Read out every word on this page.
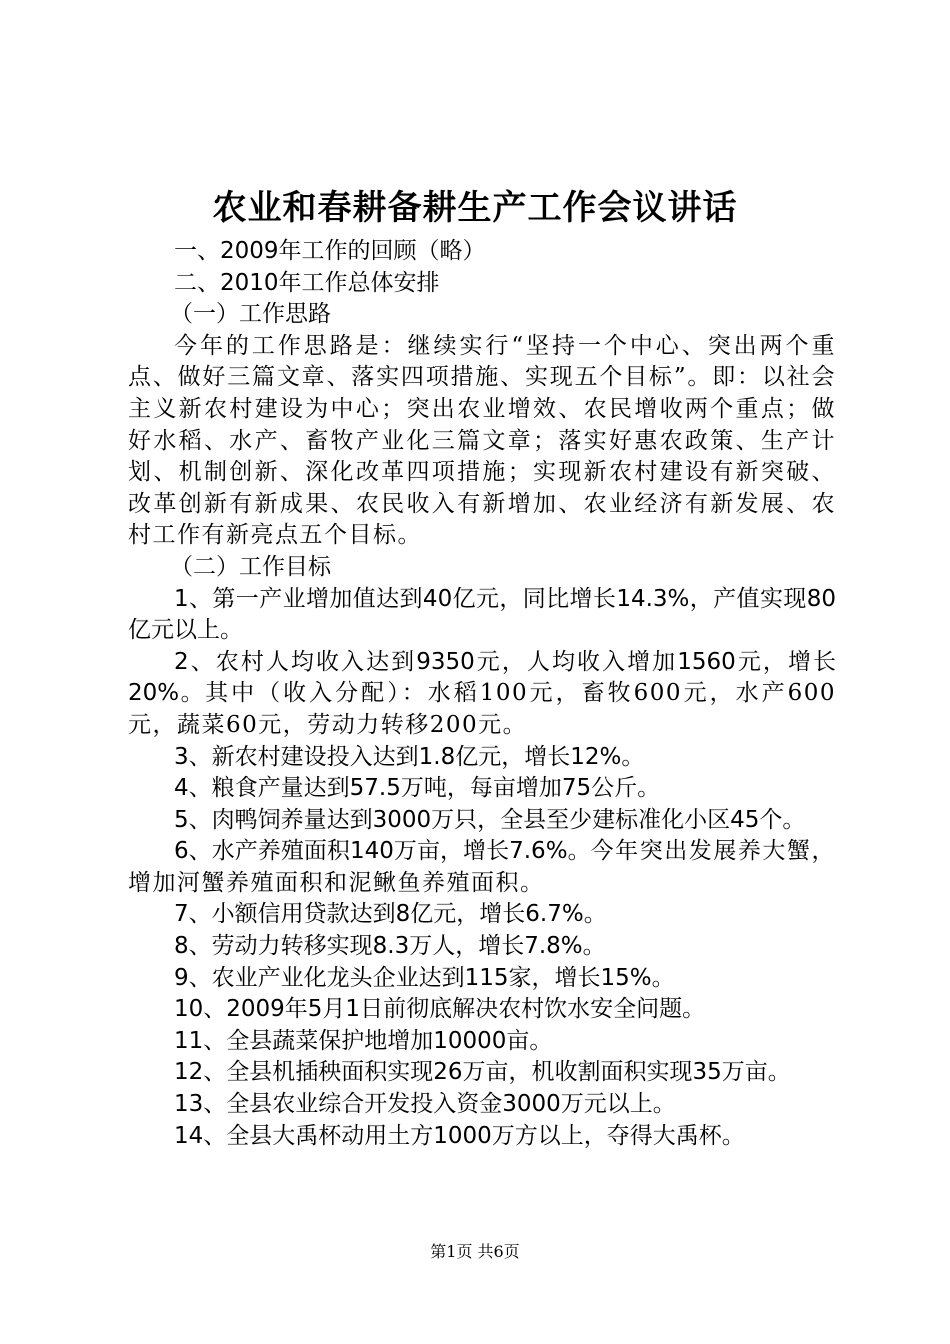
农业和春耕备耕生产工作会议讲话

一、2009年工作的回顾（略）

二、2010年工作总体安排

（一）工作思路

今年的工作思路是：继续实行“坚持一个中心、突出两个重点、做好三篇文章、落实四项措施、实现五个目标”。即：以社会主义新农村建设为中心；突出农业增效、农民增收两个重点；做好水稻、水产、畜牧产业化三篇文章；落实好惠农政策、生产计划、机制创新、深化改革四项措施；实现新农村建设有新突破、改革创新有新成果、农民收入有新增加、农业经济有新发展、农村工作有新亮点五个目标。

（二）工作目标

1、第一产业增加值达到40亿元，同比增长14.3%，产值实现80亿元以上。

2、农村人均收入达到9350元，人均收入增加1560元，增长20%。其中（收入分配）：水稻100元，畜牧600元，水产600元，蔬菜60元，劳动力转移200元。

3、新农村建设投入达到1.8亿元，增长12%。

4、粮食产量达到57.5万吨，每亩增加75公斤。

5、肉鸭饲养量达到3000万只，全县至少建标准化小区45个。

6、水产养殖面积140万亩，增长7.6%。今年突出发展养大蟹，增加河蟹养殖面积和泥鳅鱼养殖面积。

7、小额信用贷款达到8亿元，增长6.7%。

8、劳动力转移实现8.3万人，增长7.8%。

9、农业产业化龙头企业达到115家，增长15%。

10、2009年5月1日前彻底解决农村饮水安全问题。

11、全县蔬菜保护地增加10000亩。

12、全县机插秧面积实现26万亩，机收割面积实现35万亩。

13、全县农业综合开发投入资金3000万元以上。

14、全县大禹杯动用土方1000万方以上，夺得大禹杯。

第1页 共6页
